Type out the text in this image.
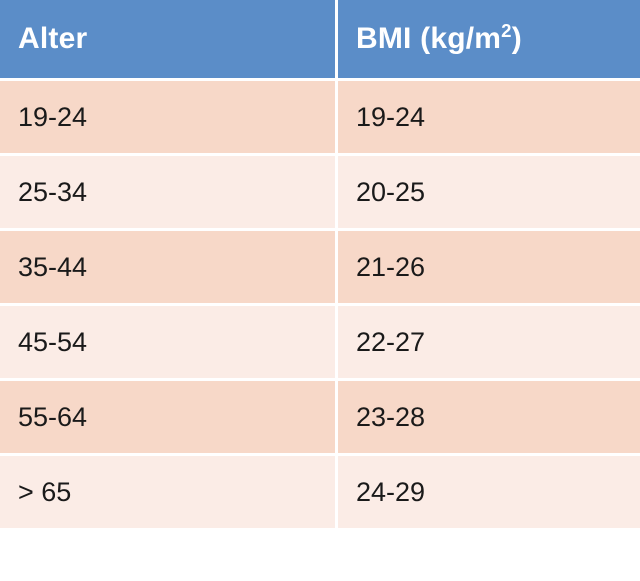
Alter	BMI $(kg/m^2)$
19-24	19-24
25-34	20-25
35-44	21-26
45-54	22-27
55-64	23-28
> 65	24-29
